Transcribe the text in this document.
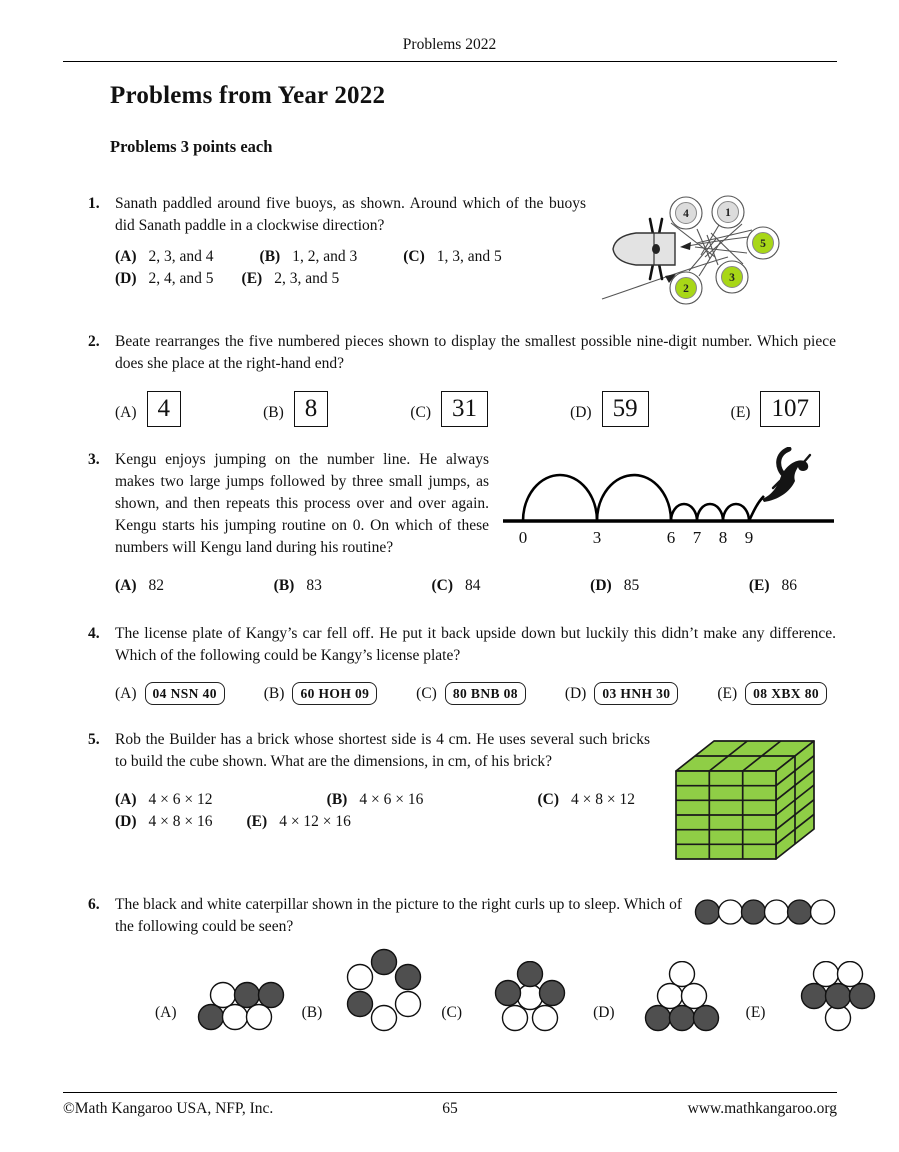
Problems 2022
Problems from Year 2022
Problems 3 points each
1.
1
2
3
4
5
Sanath paddled around five buoys, as shown. Around which of the buoys did Sanath paddle in a clockwise direction?
(A) 2, 3, and 4	(B) 1, 2, and 3	(C) 1, 3, and 5
(D) 2, 4, and 5 (E) 2, 3, and 5
2. Beate rearranges the five numbered pieces shown to display the smallest possible nine-digit number. Which piece does she place at the right-hand end?
(A) 4	(B) 8	(C) 31	(D) 59	(E) 107
3.
0	3	6 7 8 9
Kengu enjoys jumping on the number line. He always makes two large jumps followed by three small jumps, as shown, and then repeats this process over and over again. Kengu starts his jumping routine on 0. On which of these numbers will Kengu land during his routine?
(A) 82	(B) 83	(C) 84	(D) 85	(E) 86
4. The license plate of Kangy’s car fell off. He put it back upside down but luckily this didn’t make any difference. Which of the following could be Kangy’s license plate?
(A)	04 NSN 40	(B)	60 HOH 09	(C)	80 BNB 08	(D)	03 HNH 30	(E)	08 XBX 80
5. Rob the Builder has a brick whose shortest side is 4 cm. He uses several such bricks to build the cube shown. What are the dimensions, in cm, of his brick?
(A) 4 × 6 × 12	(B) 4 × 6 × 16	(C) 4 × 8 × 12
(D) 4 × 8 × 16 (E) 4 × 12 × 16
6. The black and white caterpillar shown in the picture to the right curls up to sleep. Which of the following could be seen?
(A)	(B)	(C)	(D)	(E)
©Math Kangaroo USA, NFP, Inc.	65	www.mathkangaroo.org
